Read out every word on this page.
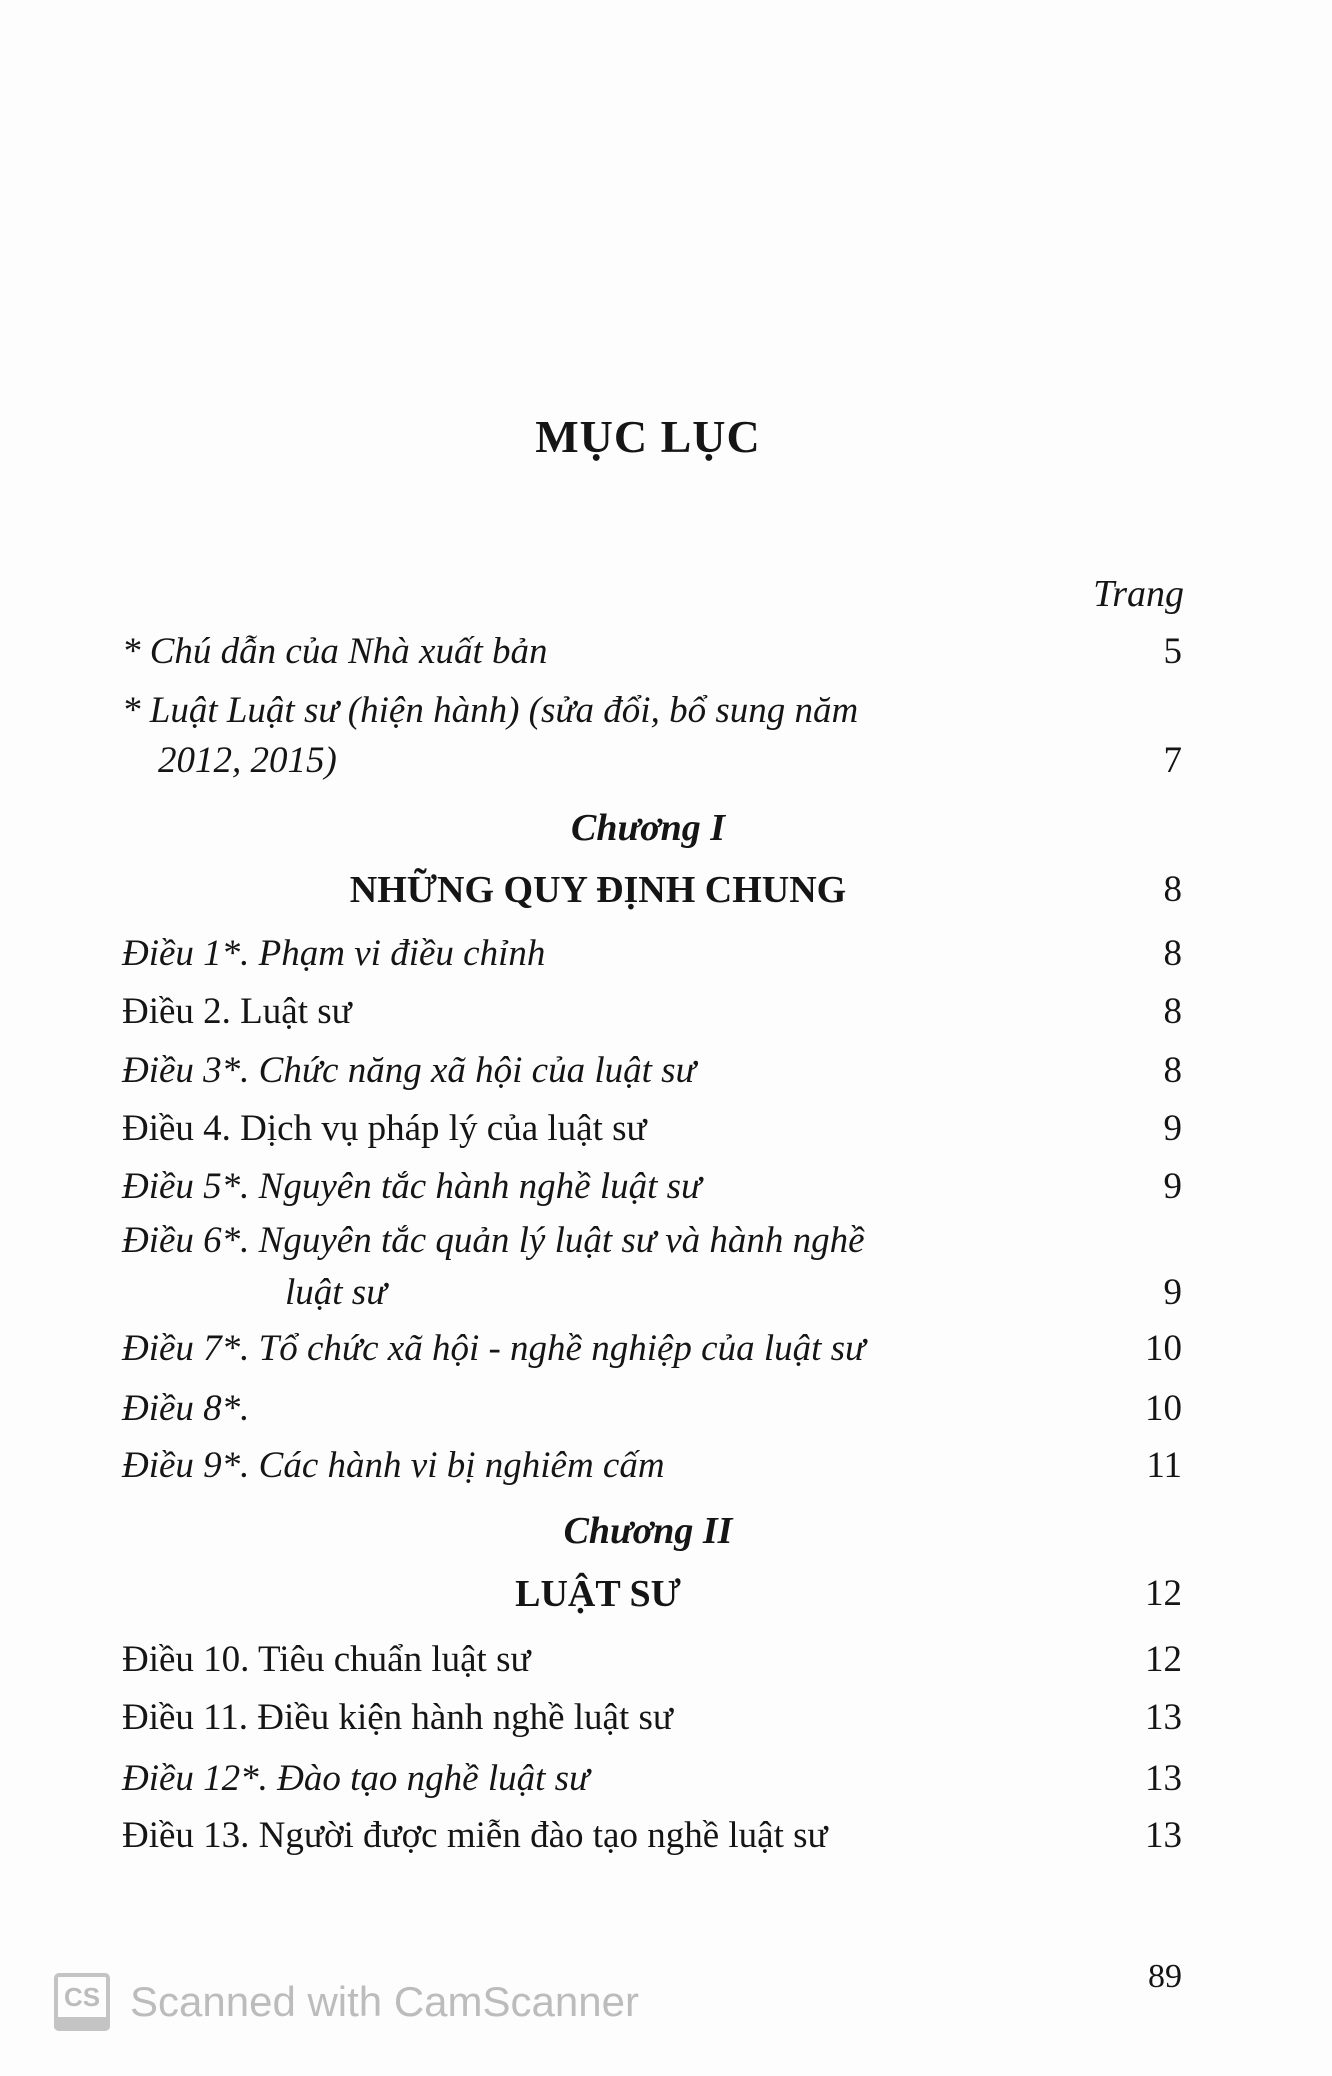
MỤC LỤC
Trang
* Chú dẫn của Nhà xuất bản	5
* Luật Luật sư (hiện hành) (sửa đổi, bổ sung năm
2012, 2015)	7
Chương I
NHỮNG QUY ĐỊNH CHUNG	8
Điều 1*. Phạm vi điều chỉnh	8
Điều 2. Luật sư	8
Điều 3*. Chức năng xã hội của luật sư	8
Điều 4. Dịch vụ pháp lý của luật sư	9
Điều 5*. Nguyên tắc hành nghề luật sư	9
Điều 6*. Nguyên tắc quản lý luật sư và hành nghề
luật sư	9
Điều 7*. Tổ chức xã hội - nghề nghiệp của luật sư	10
Điều 8*.	10
Điều 9*. Các hành vi bị nghiêm cấm	11
Chương II
LUẬT SƯ	12
Điều 10. Tiêu chuẩn luật sư	12
Điều 11. Điều kiện hành nghề luật sư	13
Điều 12*. Đào tạo nghề luật sư	13
Điều 13. Người được miễn đào tạo nghề luật sư	13
89
CS Scanned with CamScanner
